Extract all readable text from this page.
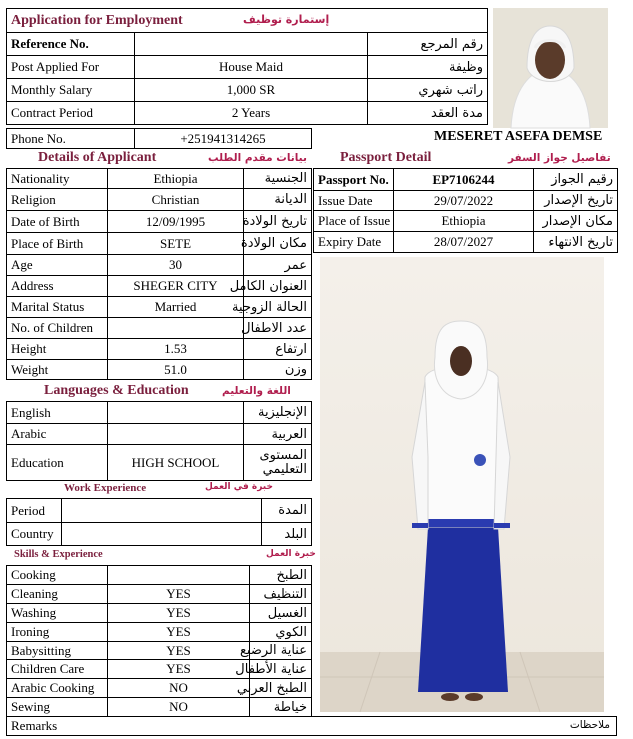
Application for Employment إستمارة توظيف		

Reference No.		رقم المرجع
Post Applied For	House Maid	وظيفة
Monthly Salary	1,000 SR	راتب شهري
Contract Period	2 Years	مدة العقد
Phone No.	+251941314265	MESERET ASEFA DEMSE
Details of Applicant	بيانات مقدم الطلب
Nationality	Ethiopia	الجنسية
Religion	Christian	الديانة
Date of Birth	12/09/1995	تاريخ الولادة
Place of Birth	SETE	مكان الولادة
Age	30	عمر
Address	SHEGER CITY	العنوان الكامل
Marital Status	Married	الحالة الزوجية
No. of Children		عدد الاطفال
Height	1.53	ارتفاع
Weight	51.0	وزن
Languages & Education	اللغة والتعليم
English		الإنجليزية
Arabic		العربية
Education	HIGH SCHOOL	المستوى التعليمي
Work Experience	خبرة في العمل
Period		المدة
Country		البلد
Skills & Experience	خبرة العمل
Cooking		الطبخ
Cleaning	YES	التنظيف
Washing	YES	الغسيل
Ironing	YES	الكوي
Babysitting	YES	عناية الرضيع
Children Care	YES	عناية الأطفال
Arabic Cooking	NO	الطبخ العربي
Sewing	NO	خياطة
Remarks	ملاحظات
Passport Detail	تفاصيل جواز السفر
Passport No.	EP7106244	رقيم الجواز
Issue Date	29/07/2022	تاريخ الإصدار
Place of Issue	Ethiopia	مكان الإصدار
Expiry Date	28/07/2027	تاريخ الانتهاء
